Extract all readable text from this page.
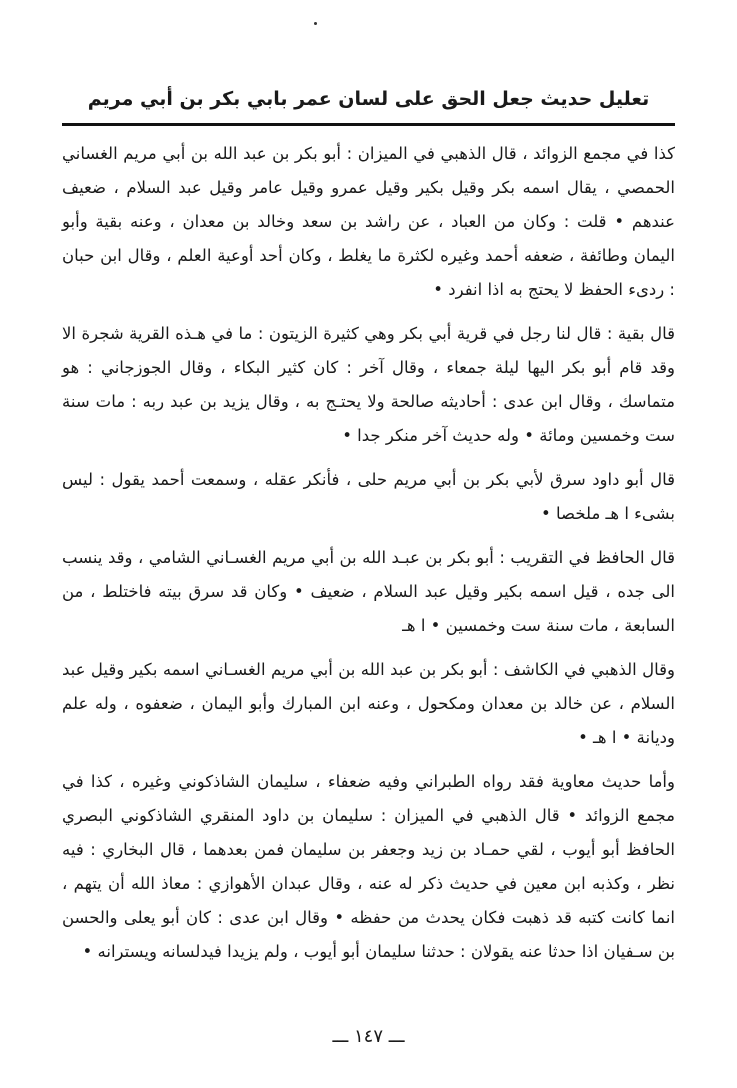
تعليل حديث جعل الحق على لسان عمر بابي بكر بن أبي مريم

كذا في مجمع الزوائد ، قال الذهبي في الميزان : أبو بكر بن عبد الله بن أبي مريم الغساني الحمصي ، يقال اسمه بكر وقيل بكير وقيل عمرو وقيل عامر وقيل عبد السلام ، ضعيف عندهم • قلت : وكان من العباد ، عن راشد بن سعد وخالد بن معدان ، وعنه بقية وأبو اليمان وطائفة ، ضعفه أحمد وغيره لكثرة ما يغلط ، وكان أحد أوعية العلم ، وقال ابن حبان : ردىء الحفظ لا يحتج به اذا انفرد •

قال بقية : قال لنا رجل في قرية أبي بكر وهي كثيرة الزيتون : ما في هـذه القرية شجرة الا وقد قام أبو بكر اليها ليلة جمعاء ، وقال آخر : كان كثير البكاء ، وقال الجوزجاني : هو متماسك ، وقال ابن عدى : أحاديثه صالحة ولا يحتـج به ، وقال يزيد بن عبد ربه : مات سنة ست وخمسين ومائة • وله حديث آخر منكر جدا •

قال أبو داود سرق لأبي بكر بن أبي مريم حلى ، فأنكر عقله ، وسمعت أحمد يقول : ليس بشىء ا هـ ملخصا •

قال الحافظ في التقريب : أبو بكر بن عبـد الله بن أبي مريم الغسـاني الشامي ، وقد ينسب الى جده ، قيل اسمه بكير وقيل عبد السلام ، ضعيف • وكان قد سرق بيته فاختلط ، من السابعة ، مات سنة ست وخمسين • ا هـ

وقال الذهبي في الكاشف : أبو بكر بن عبد الله بن أبي مريم الغسـاني اسمه بكير وقيل عبد السلام ، عن خالد بن معدان ومكحول ، وعنه ابن المبارك وأبو اليمان ، ضعفوه ، وله علم وديانة • ا هـ •

وأما حديث معاوية فقد رواه الطبراني وفيه ضعفاء ، سليمان الشاذكوني وغيره ، كذا في مجمع الزوائد • قال الذهبي في الميزان : سليمان بن داود المنقري الشاذكوني البصري الحافظ أبو أيوب ، لقي حمـاد بن زيد وجعفر بن سليمان فمن بعدهما ، قال البخاري : فيه نظر ، وكذبه ابن معين في حديث ذكر له عنه ، وقال عبدان الأهوازي : معاذ الله أن يتهم ، انما كانت كتبه قد ذهبت فكان يحدث من حفظه • وقال ابن عدى : كان أبو يعلى والحسن بن سـفيان اذا حدثا عنه يقولان : حدثنا سليمان أبو أيوب ، ولم يزيدا فيدلسانه ويسترانه •

ـــ ١٤٧ ـــ
